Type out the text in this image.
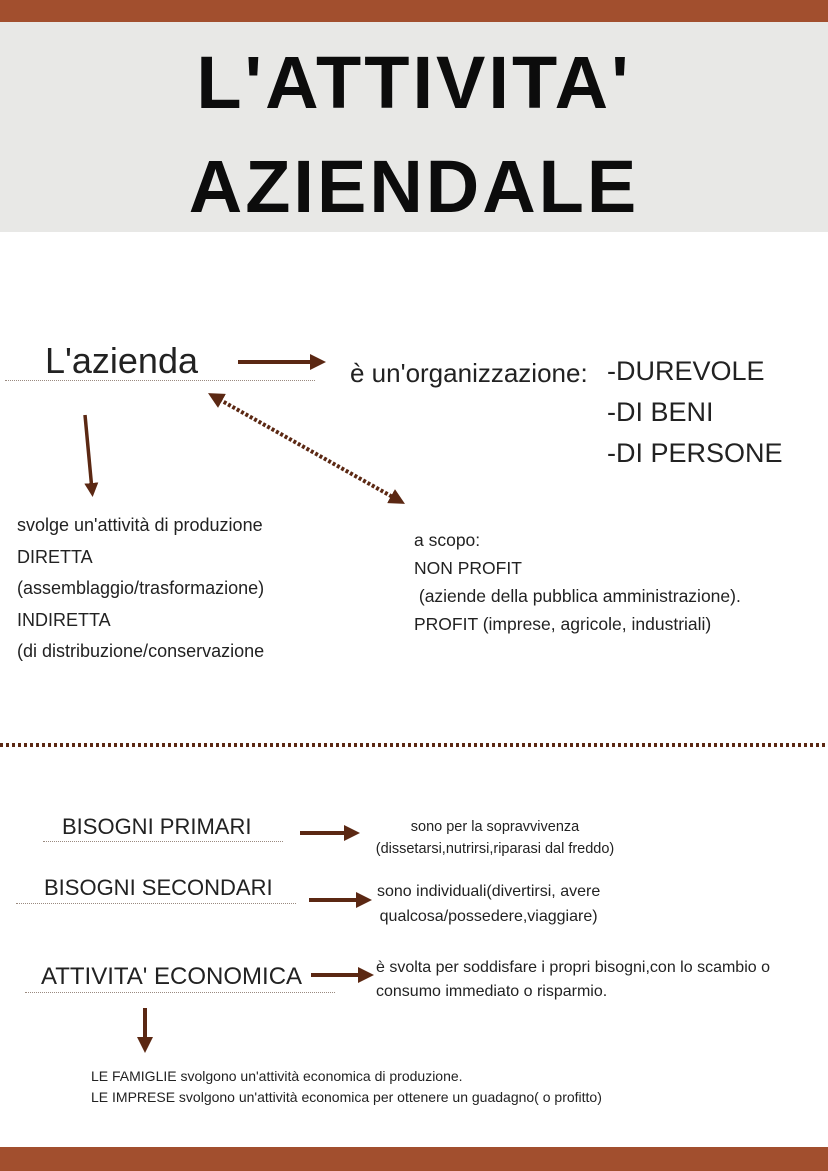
L'ATTIVITA'
AZIENDALE
L'azienda	è un'organizzazione: -DUREVOLE
-DI BENI
-DI PERSONE
svolge un'attività di produzione
DIRETTA
(assemblaggio/trasformazione)
INDIRETTA
(di distribuzione/conservazione
a scopo:
NON PROFIT
(aziende della pubblica amministrazione).
PROFIT (imprese, agricole, industriali)
BISOGNI PRIMARI	sono per la sopravvivenza
(dissetarsi,nutrirsi,riparasi dal freddo)
BISOGNI SECONDARI	sono individuali(divertirsi, avere
qualcosa/possedere,viaggiare)
ATTIVITA' ECONOMICA	è svolta per soddisfare i propri bisogni,con lo scambio o
consumo immediato o risparmio.
LE FAMIGLIE svolgono un'attività economica di produzione.
LE IMPRESE svolgono un'attività economica per ottenere un guadagno( o profitto)
